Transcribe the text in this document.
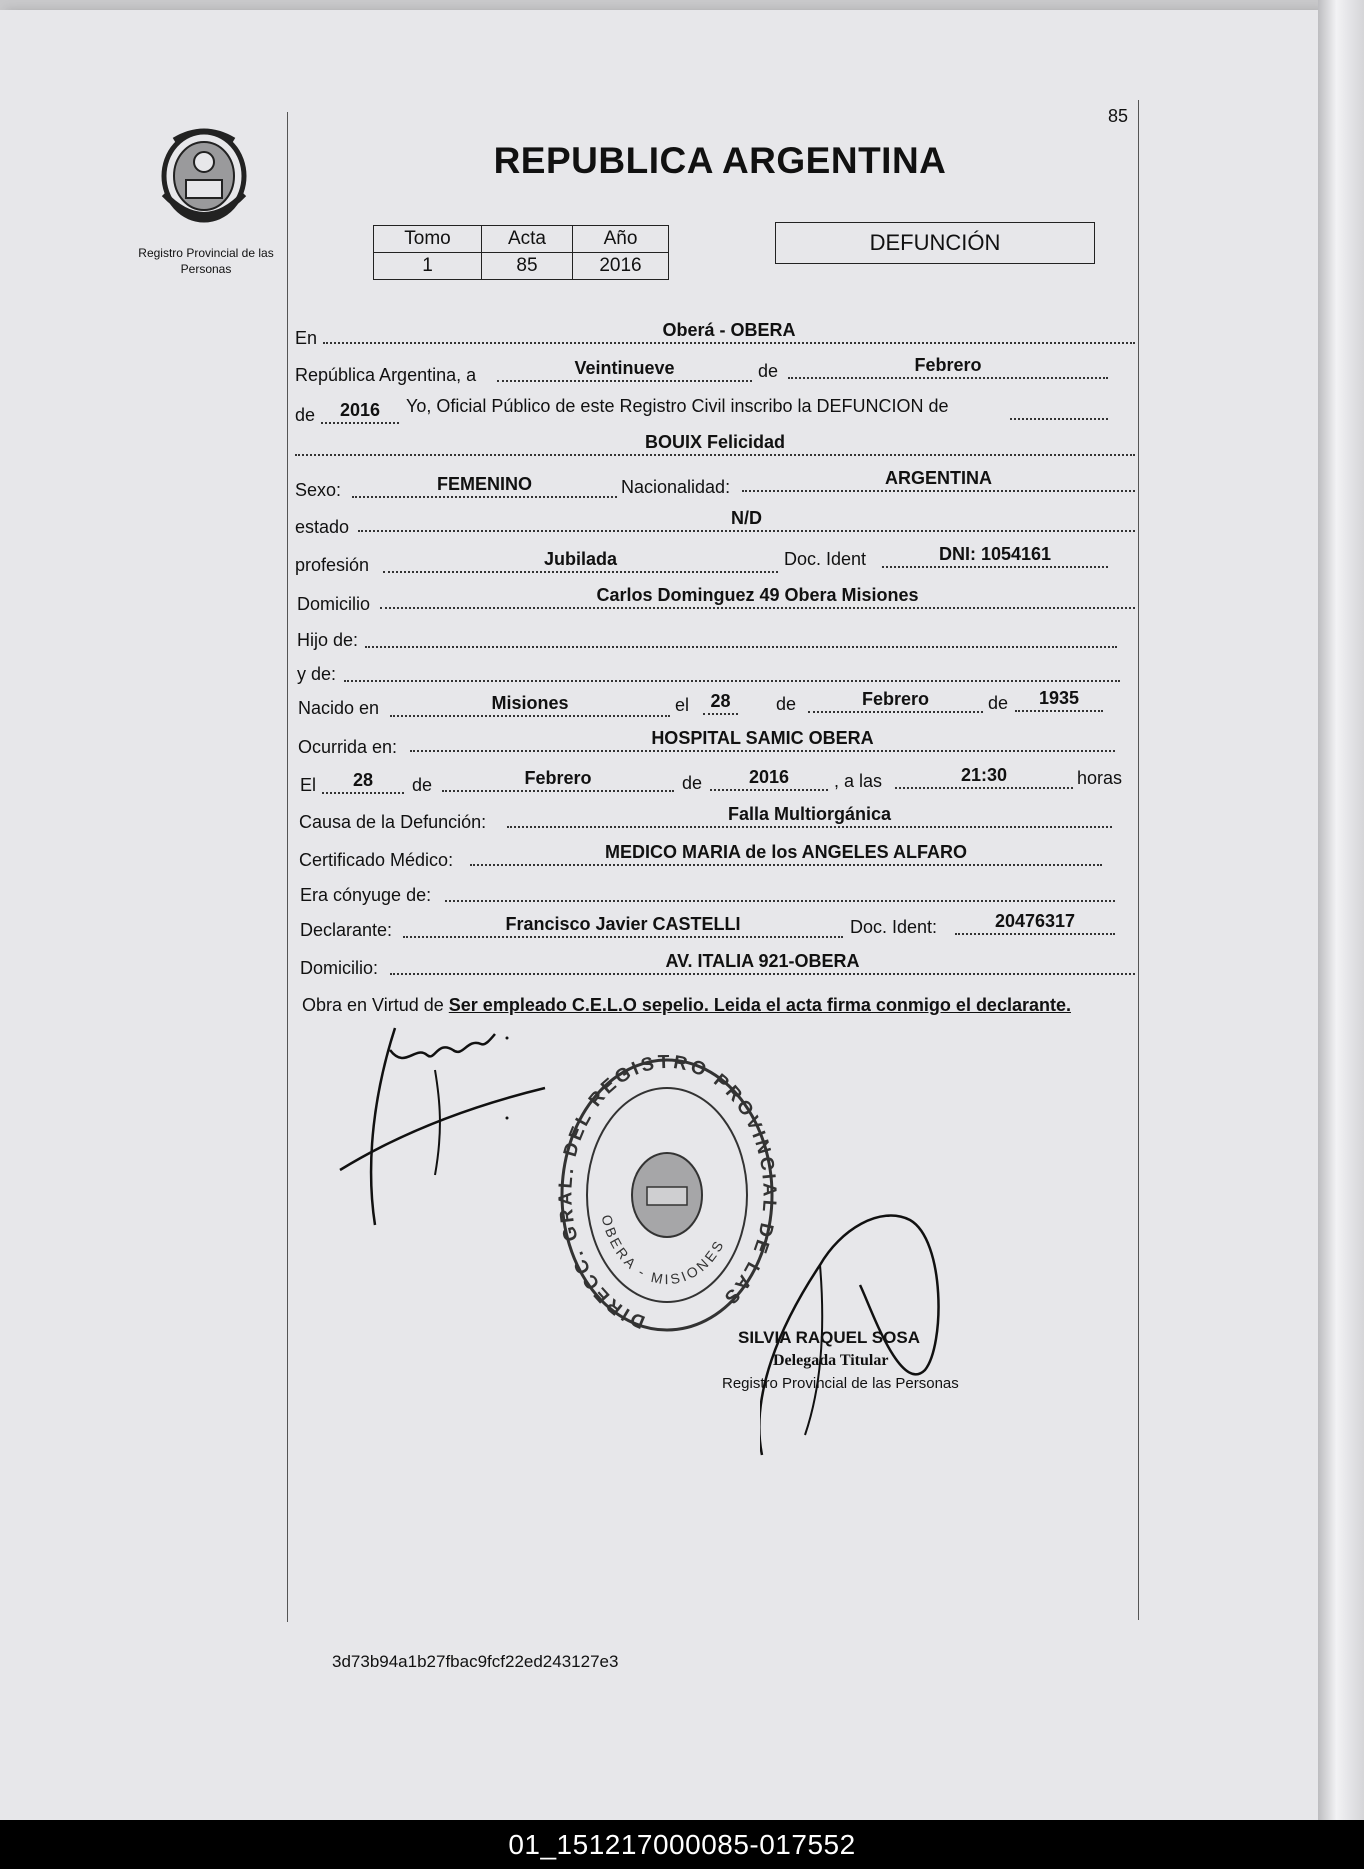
85
Registro Provincial de las Personas
REPUBLICA ARGENTINA
Tomo	Acta	Año
1	85	2016
DEFUNCIÓN
En	Oberá - OBERA
República Argentina, a	Veintinueve	de	Febrero
de	2016	Yo, Oficial Público de este Registro Civil inscribo la DEFUNCION de
BOUIX Felicidad
Sexo:	FEMENINO	Nacionalidad:	ARGENTINA
estado	N/D
profesión	Jubilada	Doc. Ident	DNI: 1054161
Domicilio	Carlos Dominguez 49 Obera Misiones
Hijo de:
y de:
Nacido en	Misiones	el	28	de	Febrero	de	1935
Ocurrida en:	HOSPITAL SAMIC OBERA
El	28	de	Febrero	de	2016	, a las	21:30	horas
Causa de la Defunción:	Falla Multiorgánica
Certificado Médico:	MEDICO MARIA de los ANGELES ALFARO
Era cónyuge de:
Declarante:	Francisco Javier CASTELLI	Doc. Ident:	20476317
Domicilio:	AV. ITALIA 921-OBERA
Obra en Virtud de Ser empleado C.E.L.O sepelio. Leida el acta firma conmigo el declarante.
DIRECC. GRAL. DEL REGISTRO PROVINCIAL DE LAS
OBERA - MISIONES
SILVIA RAQUEL SOSA
Delegada Titular
Registro Provincial de las Personas
3d73b94a1b27fbac9fcf22ed243127e3
01_151217000085-017552
